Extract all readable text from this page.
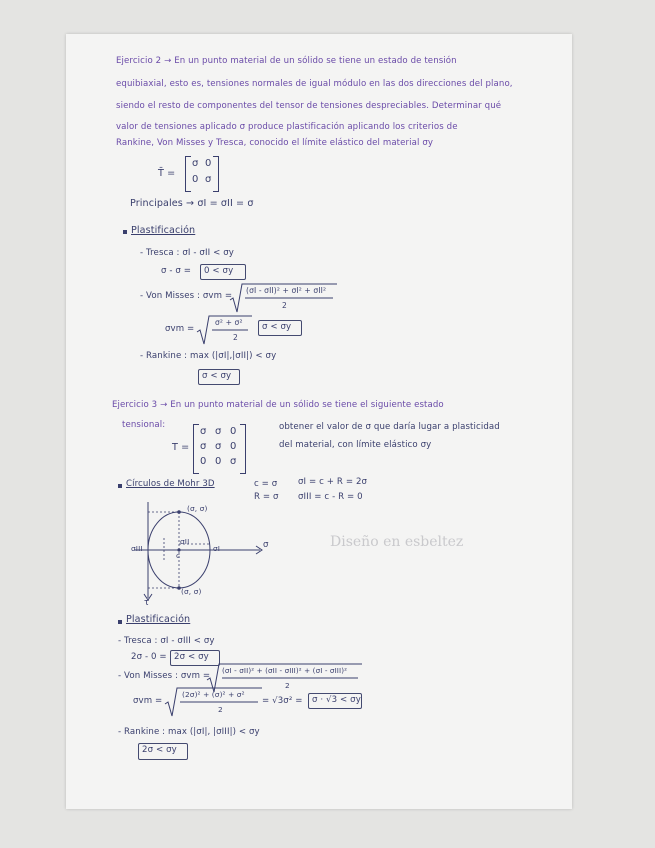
Ejercicio 2 → En un punto material de un sólido se tiene un estado de tensión
equibiaxial, esto es, tensiones normales de igual módulo en las dos direcciones del plano,
siendo el resto de componentes del tensor de tensiones despreciables. Determinar qué
valor de tensiones aplicado σ produce plastificación aplicando los criterios de
Rankine, Von Misses y Tresca, conocido el límite elástico del material σy
T̄ =
σ 0
0 σ
Principales → σI = σII = σ
Plastificación
- Tresca : σI - σII < σy
σ - σ = 0 < σy
- Von Misses : σvm =
(σI - σII)² + σI² + σII²
2
σvm =
σ² + σ²
2
σ < σy
- Rankine : max (|σI|,|σII|) < σy
σ < σy
Ejercicio 3 → En un punto material de un sólido se tiene el siguiente estado
tensional:
T =
σ σ 0
σ σ 0
0 0 σ
obtener el valor de σ que daría lugar a plasticidad
del material, con límite elástico σy
Círculos de Mohr 3D	c = σ
R = σ
σI = c + R = 2σ
σIII = c - R = 0
(σ, σ)
(σ, σ)
σ
τ
σIII
σII
σI
c
Diseño en esbeltez
Plastificación
- Tresca : σI - σIII < σy
2σ - 0 = 2σ < σy
- Von Misses : σvm =
(σI - σII)² + (σII - σIII)² + (σI - σIII)²
2
σvm =
(2σ)² + (σ)² + σ²
2
= √3σ² = σ · √3 < σy
- Rankine : max (|σI|, |σIII|) < σy
2σ < σy
